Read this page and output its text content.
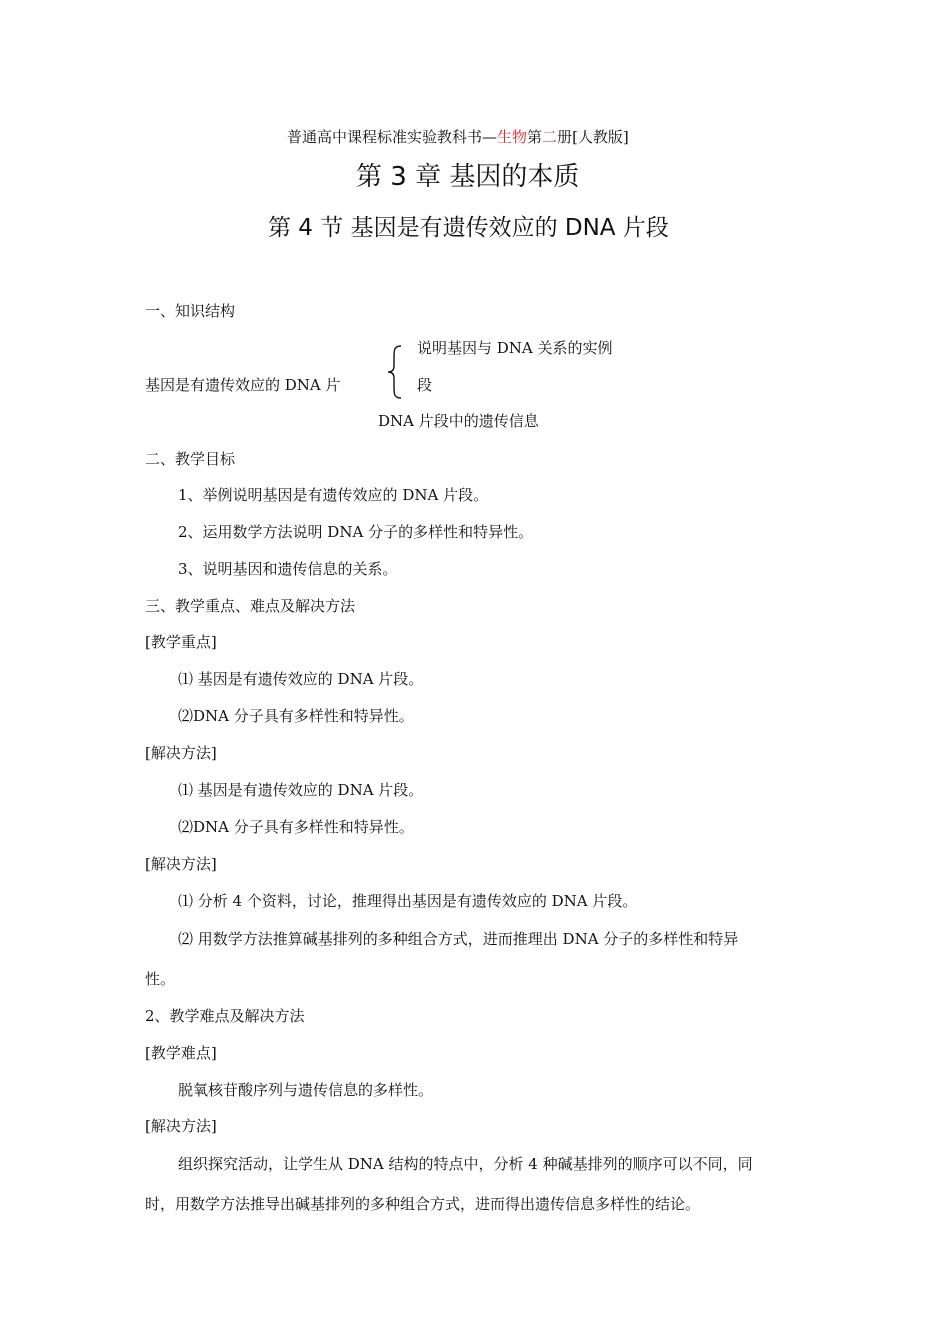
普通高中课程标准实验教科书—生物第二册[人教版]
第 3 章 基因的本质
第 4 节 基因是有遗传效应的 DNA 片段
一、知识结构
说明基因与 DNA 关系的实例
基因是有遗传效应的 DNA 片	段
DNA 片段中的遗传信息
二、教学目标
1、举例说明基因是有遗传效应的 DNA 片段。
2、运用数学方法说明 DNA 分子的多样性和特异性。
3、说明基因和遗传信息的关系。
三、教学重点、难点及解决方法
[教学重点]
⑴ 基因是有遗传效应的 DNA 片段。
⑵DNA 分子具有多样性和特异性。
[解决方法]
⑴ 基因是有遗传效应的 DNA 片段。
⑵DNA 分子具有多样性和特异性。
[解决方法]
⑴ 分析 4 个资料，讨论，推理得出基因是有遗传效应的 DNA 片段。
⑵ 用数学方法推算碱基排列的多种组合方式，进而推理出 DNA 分子的多样性和特异
性。
2、教学难点及解决方法
[教学难点]
脱氧核苷酸序列与遗传信息的多样性。
[解决方法]
组织探究活动，让学生从 DNA 结构的特点中，分析 4 种碱基排列的顺序可以不同，同
时，用数学方法推导出碱基排列的多种组合方式，进而得出遗传信息多样性的结论。
